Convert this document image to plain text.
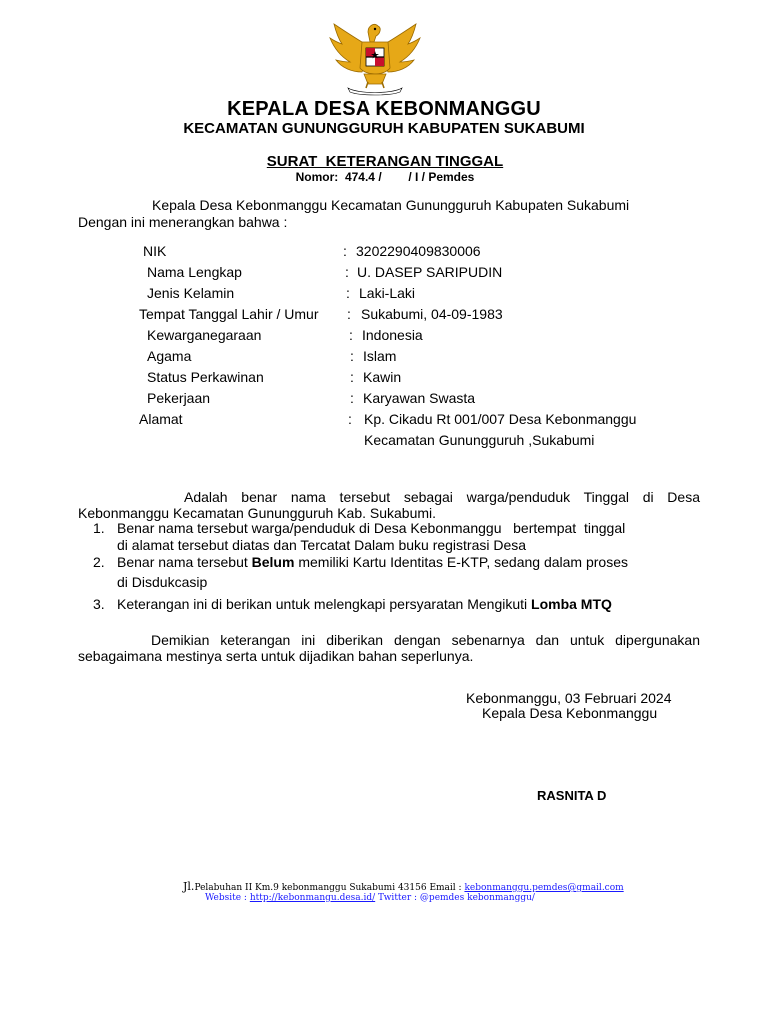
KEPALA DESA KEBONMANGGU
KECAMATAN GUNUNGGURUH KABUPATEN SUKABUMI
SURAT  KETERANGAN TINGGAL
Nomor:  474.4 /        / I / Pemdes
Kepala Desa Kebonmanggu Kecamatan Gunungguruh Kabupaten Sukabumi
Dengan ini menerangkan bahwa :
NIK	: 3202290409830006
Nama Lengkap	: U. DASEP SARIPUDIN
Jenis Kelamin	: Laki-Laki
Tempat Tanggal Lahir / Umur : Sukabumi, 04-09-1983
Kewarganegaraan	: Indonesia
Agama	: Islam
Status Perkawinan	: Kawin
Pekerjaan	: Karyawan Swasta
Alamat	: Kp. Cikadu Rt 001/007 Desa Kebonmanggu
Kecamatan Gunungguruh ,Sukabumi
Adalah benar nama tersebut sebagai warga/penduduk Tinggal di Desa Kebonmanggu Kecamatan Gunungguruh Kab. Sukabumi.
1. Benar nama tersebut warga/penduduk di Desa Kebonmanggu   bertempat  tinggal
di alamat tersebut diatas dan Tercatat Dalam buku registrasi Desa
2. Benar nama tersebut Belum memiliki Kartu Identitas E-KTP, sedang dalam proses
di Disdukcasip
3. Keterangan ini di berikan untuk melengkapi persyaratan Mengikuti Lomba MTQ
Demikian keterangan ini diberikan dengan sebenarnya dan untuk dipergunakan sebagaimana mestinya serta untuk dijadikan bahan seperlunya.
Kebonmanggu, 03 Februari 2024
Kepala Desa Kebonmanggu
RASNITA D
Jl.Pelabuhan II Km.9 kebonmanggu Sukabumi 43156 Email : kebonmanggu.pemdes@gmail.com
Website : http://kebonmangu.desa.id/ Twitter : @pemdes kebonmanggu/
